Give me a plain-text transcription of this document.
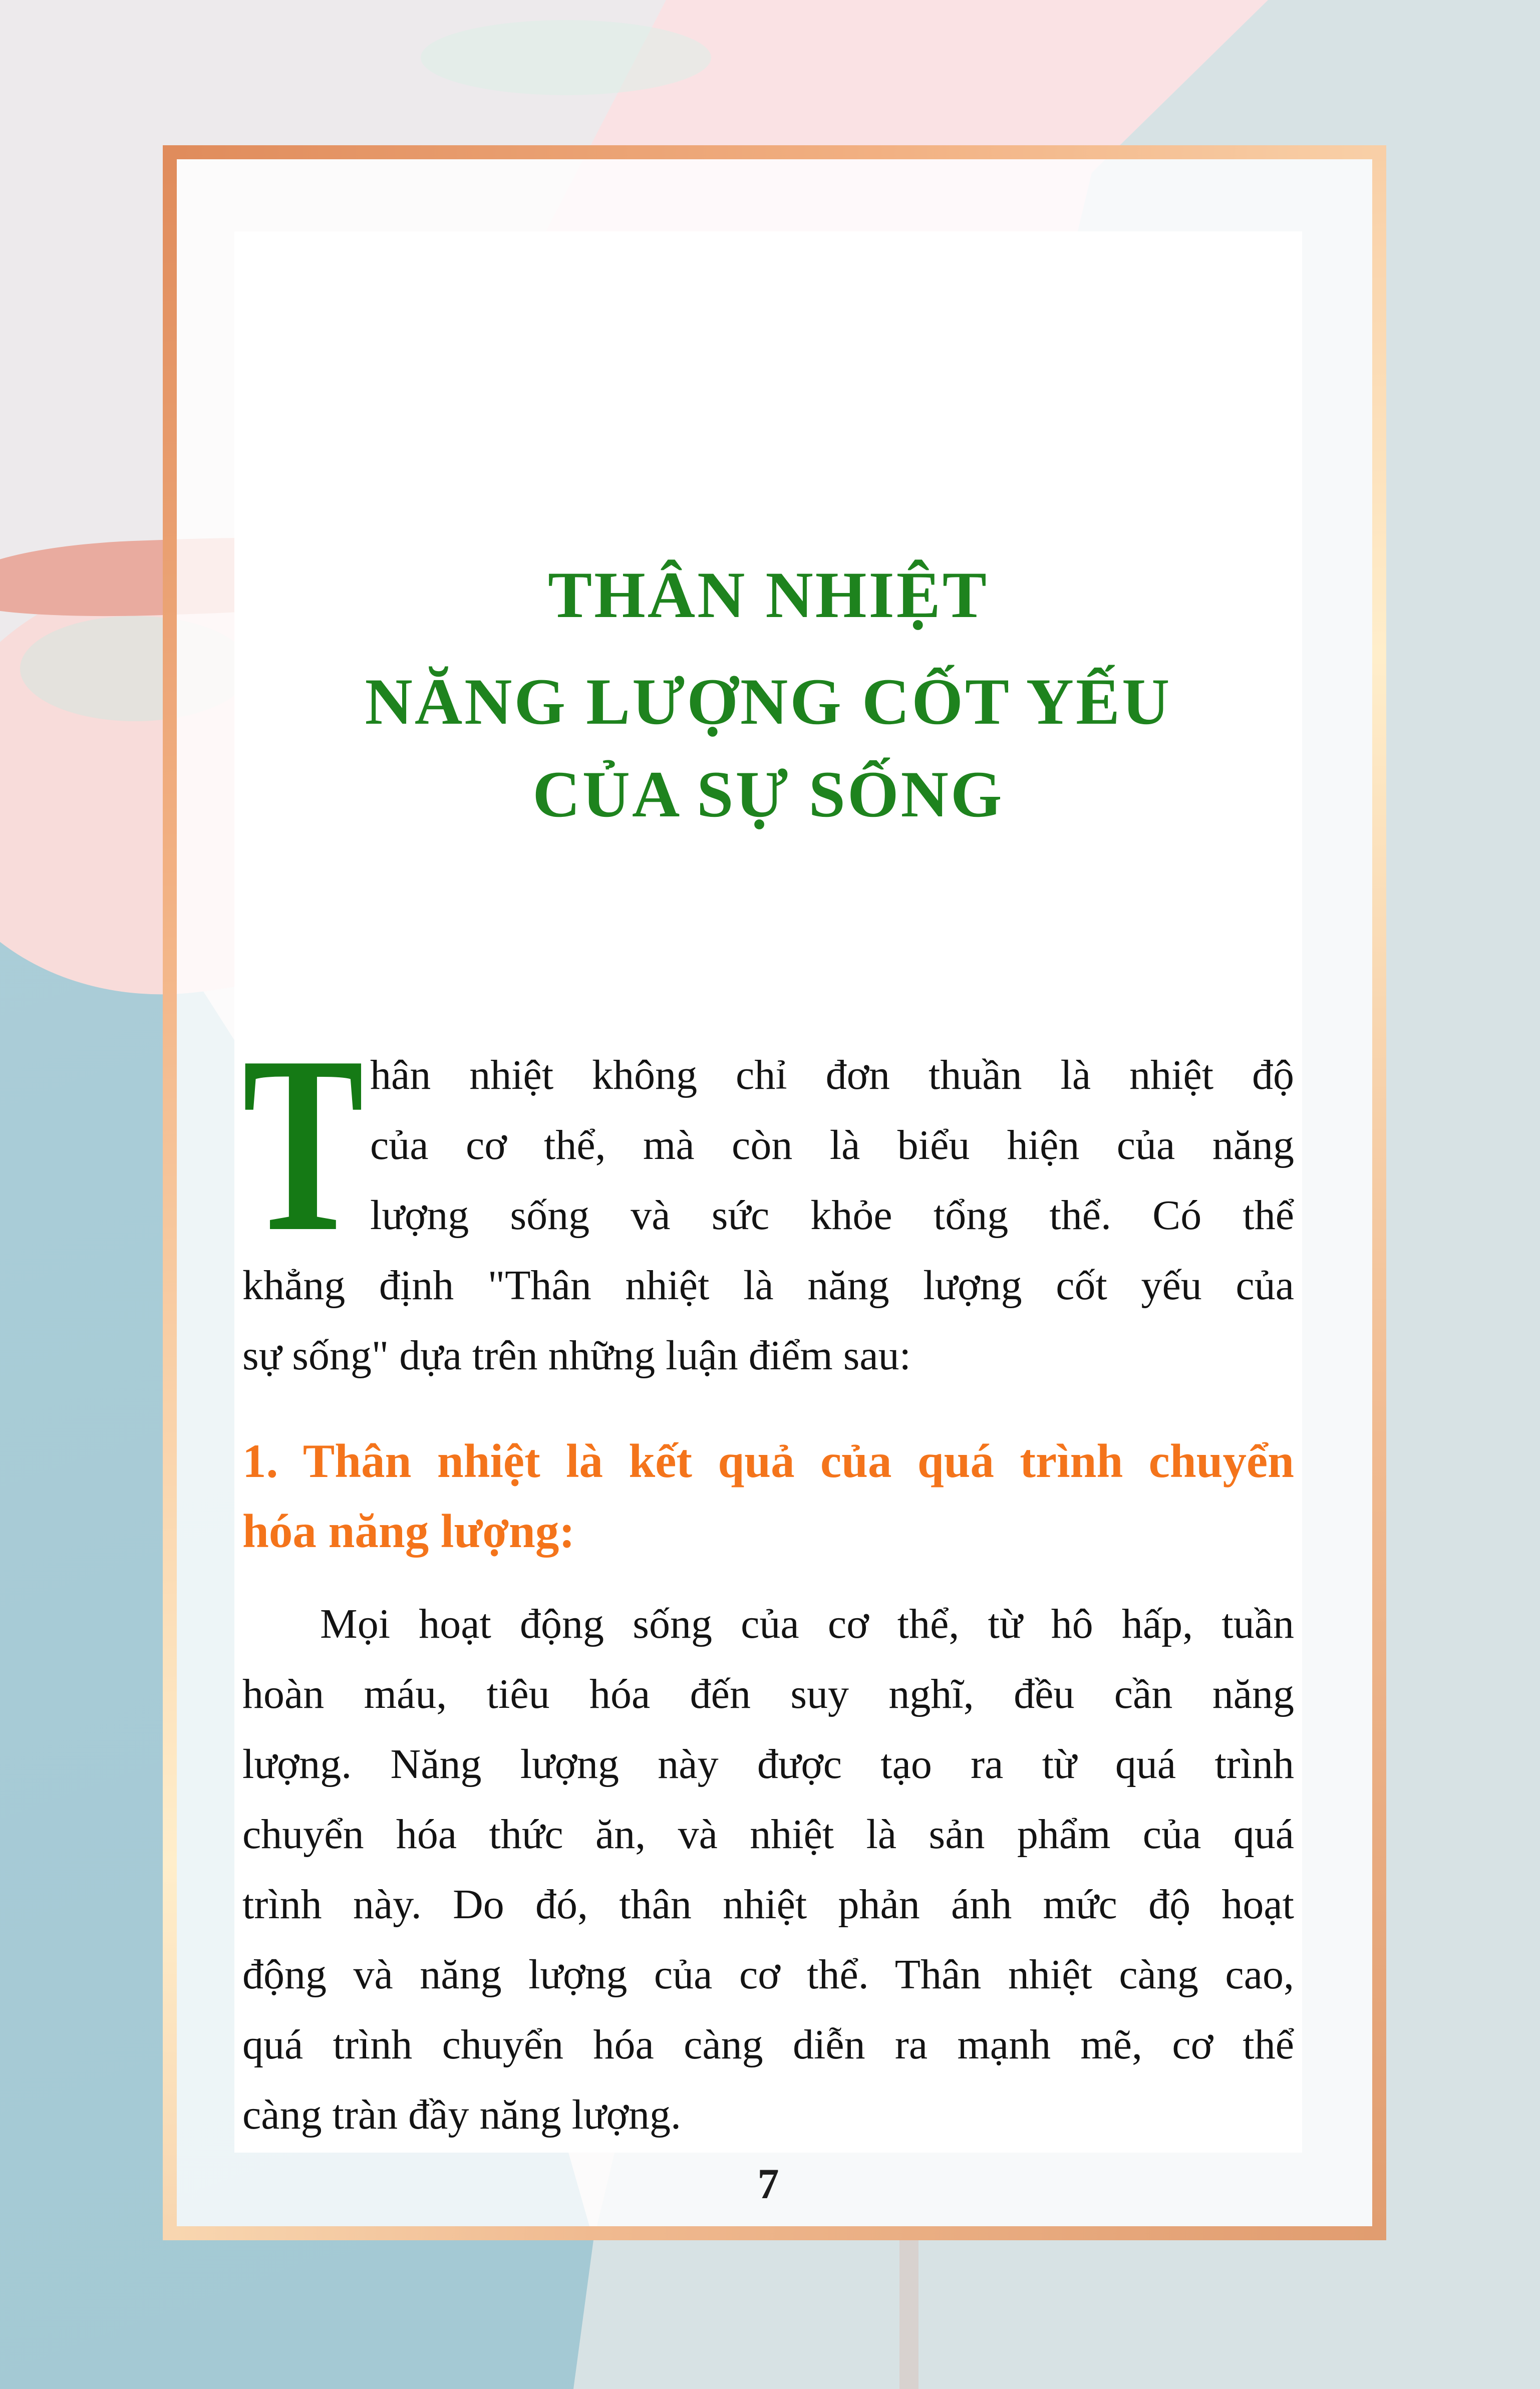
THÂN NHIỆT
NĂNG LƯỢNG CỐT YẾU
CỦA SỰ SỐNG
T hân nhiệt không chỉ đơn thuần là nhiệt độ
của cơ thể, mà còn là biểu hiện của năng
lượng sống và sức khỏe tổng thể. Có thể
khẳng định "Thân nhiệt là năng lượng cốt yếu của
sự sống" dựa trên những luận điểm sau:
1. Thân nhiệt là kết quả của quá trình chuyển
hóa năng lượng:
Mọi hoạt động sống của cơ thể, từ hô hấp, tuần
hoàn máu, tiêu hóa đến suy nghĩ, đều cần năng
lượng. Năng lượng này được tạo ra từ quá trình
chuyển hóa thức ăn, và nhiệt là sản phẩm của quá
trình này. Do đó, thân nhiệt phản ánh mức độ hoạt
động và năng lượng của cơ thể. Thân nhiệt càng cao,
quá trình chuyển hóa càng diễn ra mạnh mẽ, cơ thể
càng tràn đầy năng lượng.
7
